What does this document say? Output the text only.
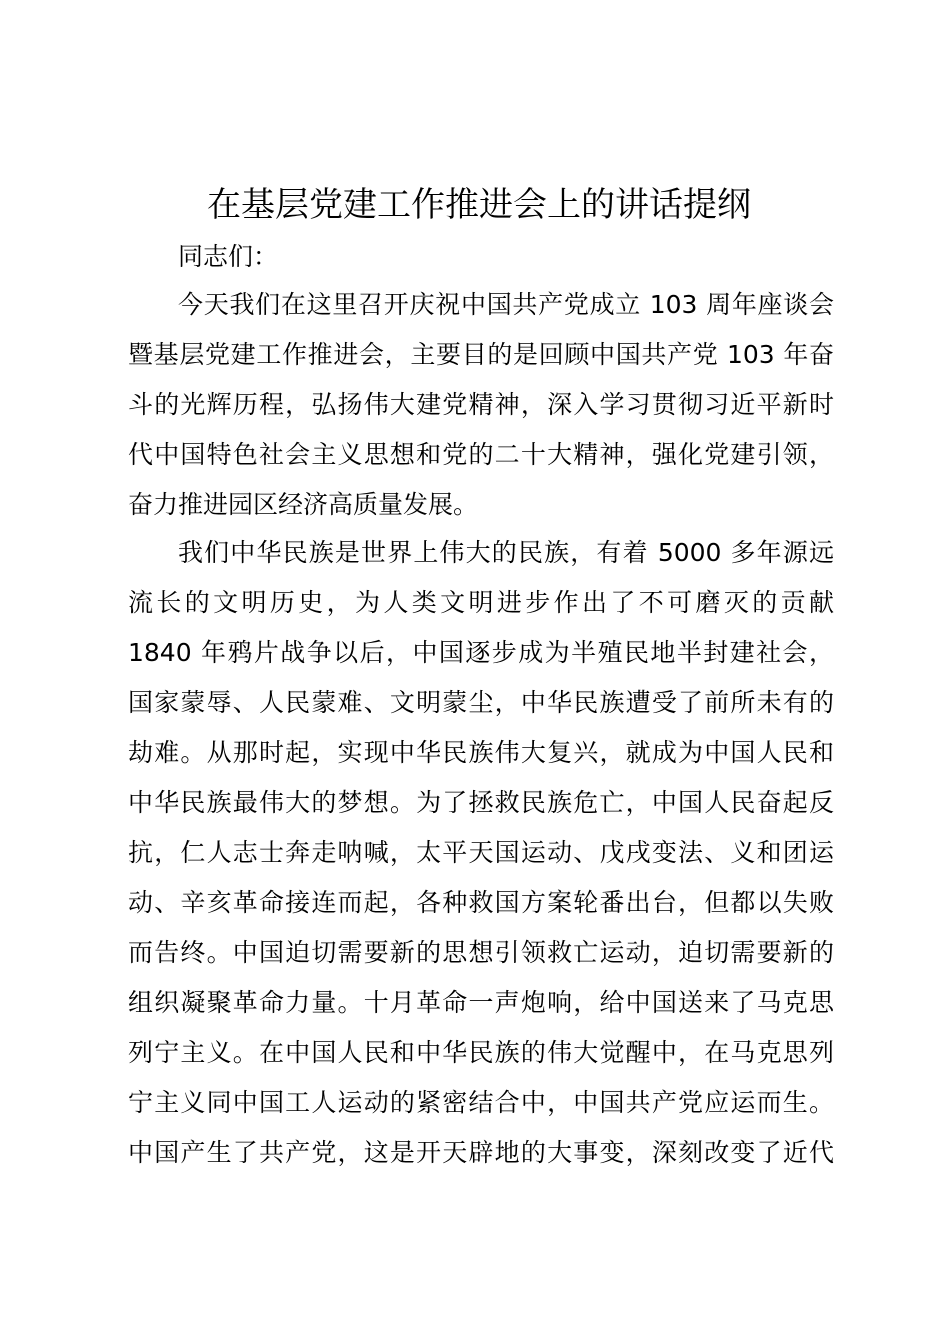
在基层党建工作推进会上的讲话提纲

同志们：

今天我们在这里召开庆祝中国共产党成立 103 周年座谈会
暨基层党建工作推进会，主要目的是回顾中国共产党 103 年奋
斗的光辉历程，弘扬伟大建党精神，深入学习贯彻习近平新时
代中国特色社会主义思想和党的二十大精神，强化党建引领，
奋力推进园区经济高质量发展。
我们中华民族是世界上伟大的民族，有着 5000 多年源远
流长的文明历史，为人类文明进步作出了不可磨灭的贡献
1840 年鸦片战争以后，中国逐步成为半殖民地半封建社会，
国家蒙辱、人民蒙难、文明蒙尘，中华民族遭受了前所未有的
劫难。从那时起，实现中华民族伟大复兴，就成为中国人民和
中华民族最伟大的梦想。为了拯救民族危亡，中国人民奋起反
抗，仁人志士奔走呐喊，太平天国运动、戊戌变法、义和团运
动、辛亥革命接连而起，各种救国方案轮番出台，但都以失败
而告终。中国迫切需要新的思想引领救亡运动，迫切需要新的
组织凝聚革命力量。十月革命一声炮响，给中国送来了马克思
列宁主义。在中国人民和中华民族的伟大觉醒中，在马克思列
宁主义同中国工人运动的紧密结合中，中国共产党应运而生。
中国产生了共产党，这是开天辟地的大事变，深刻改变了近代
